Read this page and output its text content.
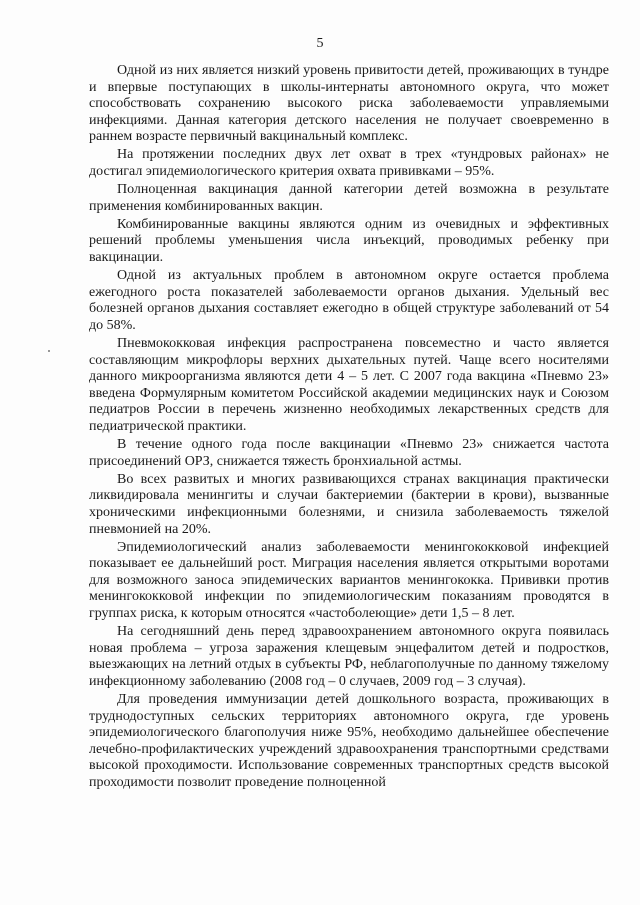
5

Одной из них является низкий уровень привитости детей, проживающих в тундре и впервые поступающих в школы-интернаты автономного округа, что может способствовать сохранению высокого риска заболеваемости управляемыми инфекциями. Данная категория детского населения не получает своевременно в раннем возрасте первичный вакцинальный комплекс.

На протяжении последних двух лет охват в трех «тундровых районах» не достигал эпидемиологического критерия охвата прививками – 95%.

Полноценная вакцинация данной категории детей возможна в результате применения комбинированных вакцин.

Комбинированные вакцины являются одним из очевидных и эффективных решений проблемы уменьшения числа инъекций, проводимых ребенку при вакцинации.

Одной из актуальных проблем в автономном округе остается проблема ежегодного роста показателей заболеваемости органов дыхания. Удельный вес болезней органов дыхания составляет ежегодно в общей структуре заболеваний от 54 до 58%.

Пневмококковая инфекция распространена повсеместно и часто является составляющим микрофлоры верхних дыхательных путей. Чаще всего носителями данного микроорганизма являются дети 4 – 5 лет. С 2007 года вакцина «Пневмо 23» введена Формулярным комитетом Российской академии медицинских наук и Союзом педиатров России в перечень жизненно необходимых лекарственных средств для педиатрической практики.

В течение одного года после вакцинации «Пневмо 23» снижается частота присоединений ОРЗ, снижается тяжесть бронхиальной астмы.

Во всех развитых и многих развивающихся странах вакцинация практически ликвидировала менингиты и случаи бактериемии (бактерии в крови), вызванные хроническими инфекционными болезнями, и снизила заболеваемость тяжелой пневмонией на 20%.

Эпидемиологический анализ заболеваемости менингококковой инфекцией показывает ее дальнейший рост. Миграция населения является открытыми воротами для возможного заноса эпидемических вариантов менингококка. Прививки против менингококковой инфекции по эпидемиологическим показаниям проводятся в группах риска, к которым относятся «частоболеющие» дети 1,5 – 8 лет.

На сегодняшний день перед здравоохранением автономного округа появилась новая проблема – угроза заражения клещевым энцефалитом детей и подростков, выезжающих на летний отдых в субъекты РФ, неблагополучные по данному тяжелому инфекционному заболеванию (2008 год – 0 случаев, 2009 год – 3 случая).

Для проведения иммунизации детей дошкольного возраста, проживающих в труднодоступных сельских территориях автономного округа, где уровень эпидемиологического благополучия ниже 95%, необходимо дальнейшее обеспечение лечебно-профилактических учреждений здравоохранения транспортными средствами высокой проходимости. Использование современных транспортных средств высокой проходимости позволит проведение полноценной
